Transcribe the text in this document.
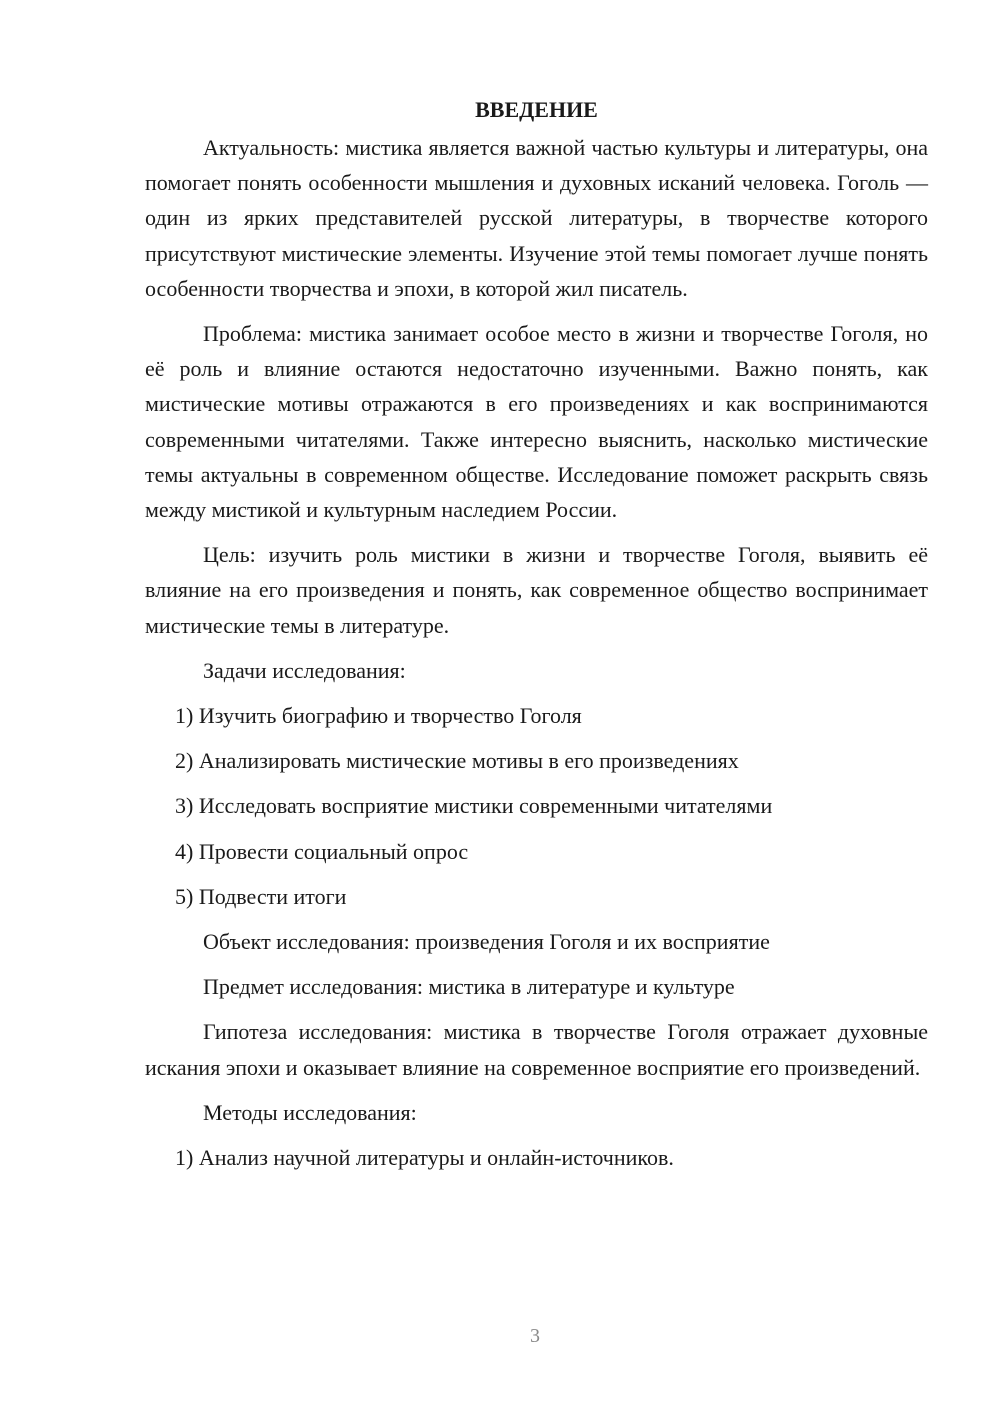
ВВЕДЕНИЕ

Актуальность: мистика является важной частью культуры и литературы, она помогает понять особенности мышления и духовных исканий человека. Гоголь — один из ярких представителей русской литературы, в творчестве которого присутствуют мистические элементы. Изучение этой темы помогает лучше понять особенности творчества и эпохи, в которой жил писатель.

Проблема: мистика занимает особое место в жизни и творчестве Гоголя, но её роль и влияние остаются недостаточно изученными. Важно понять, как мистические мотивы отражаются в его произведениях и как воспринимаются современными читателями. Также интересно выяснить, насколько мистические темы актуальны в современном обществе. Исследование поможет раскрыть связь между мистикой и культурным наследием России.

Цель: изучить роль мистики в жизни и творчестве Гоголя, выявить её влияние на его произведения и понять, как современное общество воспринимает мистические темы в литературе.

Задачи исследования:
1) Изучить биографию и творчество Гоголя
2) Анализировать мистические мотивы в его произведениях
3) Исследовать восприятие мистики современными читателями
4) Провести социальный опрос
5) Подвести итоги
Объект исследования: произведения Гоголя и их восприятие
Предмет исследования: мистика в литературе и культуре

Гипотеза исследования: мистика в творчестве Гоголя отражает духовные искания эпохи и оказывает влияние на современное восприятие его произведений.

Методы исследования:
1) Анализ научной литературы и онлайн-источников.
3
